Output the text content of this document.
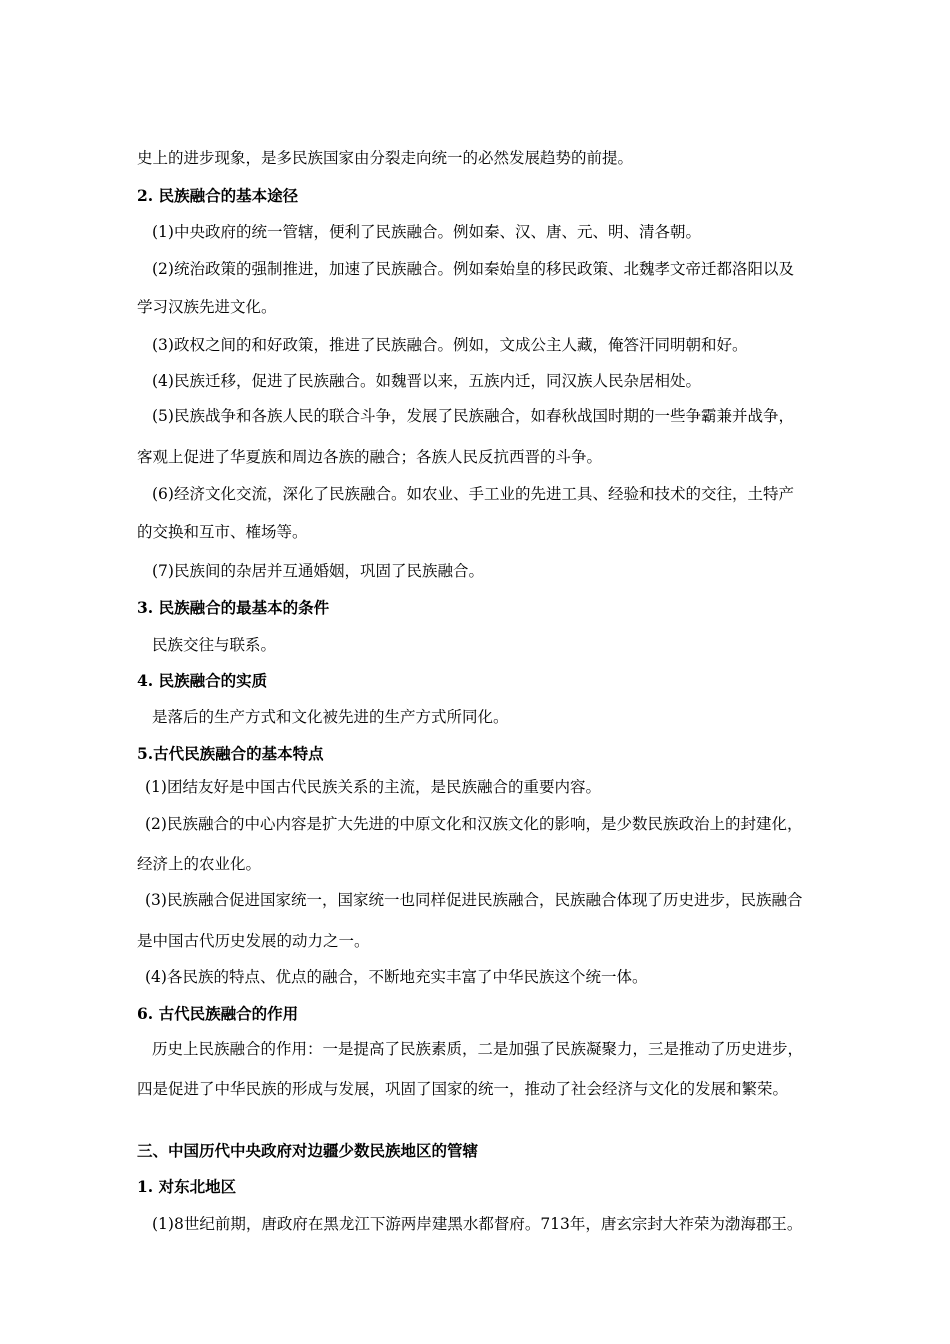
史上的进步现象，是多民族国家由分裂走向统一的必然发展趋势的前提。
2. 民族融合的基本途径
(1)中央政府的统一管辖，便利了民族融合。例如秦、汉、唐、元、明、清各朝。
(2)统治政策的强制推进，加速了民族融合。例如秦始皇的移民政策、北魏孝文帝迁都洛阳以及
学习汉族先进文化。
(3)政权之间的和好政策，推进了民族融合。例如，文成公主人藏，俺答汗同明朝和好。
(4)民族迁移，促进了民族融合。如魏晋以来，五族内迁，同汉族人民杂居相处。
(5)民族战争和各族人民的联合斗争，发展了民族融合，如春秋战国时期的一些争霸兼并战争，
客观上促进了华夏族和周边各族的融合；各族人民反抗西晋的斗争。
(6)经济文化交流，深化了民族融合。如农业、手工业的先进工具、经验和技术的交往，土特产
的交换和互市、榷场等。
(7)民族间的杂居并互通婚姻，巩固了民族融合。
3. 民族融合的最基本的条件
民族交往与联系。
4. 民族融合的实质
是落后的生产方式和文化被先进的生产方式所同化。
5.古代民族融合的基本特点
(1)团结友好是中国古代民族关系的主流，是民族融合的重要内容。
(2)民族融合的中心内容是扩大先进的中原文化和汉族文化的影响，是少数民族政治上的封建化，
经济上的农业化。
(3)民族融合促进国家统一，国家统一也同样促进民族融合，民族融合体现了历史进步，民族融合
是中国古代历史发展的动力之一。
(4)各民族的特点、优点的融合，不断地充实丰富了中华民族这个统一体。
6. 古代民族融合的作用
历史上民族融合的作用：一是提高了民族素质，二是加强了民族凝聚力，三是推动了历史进步，
四是促进了中华民族的形成与发展，巩固了国家的统一，推动了社会经济与文化的发展和繁荣。
三、中国历代中央政府对边疆少数民族地区的管辖
1. 对东北地区
(1)8世纪前期，唐政府在黑龙江下游两岸建黑水都督府。713年，唐玄宗封大祚荣为渤海郡王。
